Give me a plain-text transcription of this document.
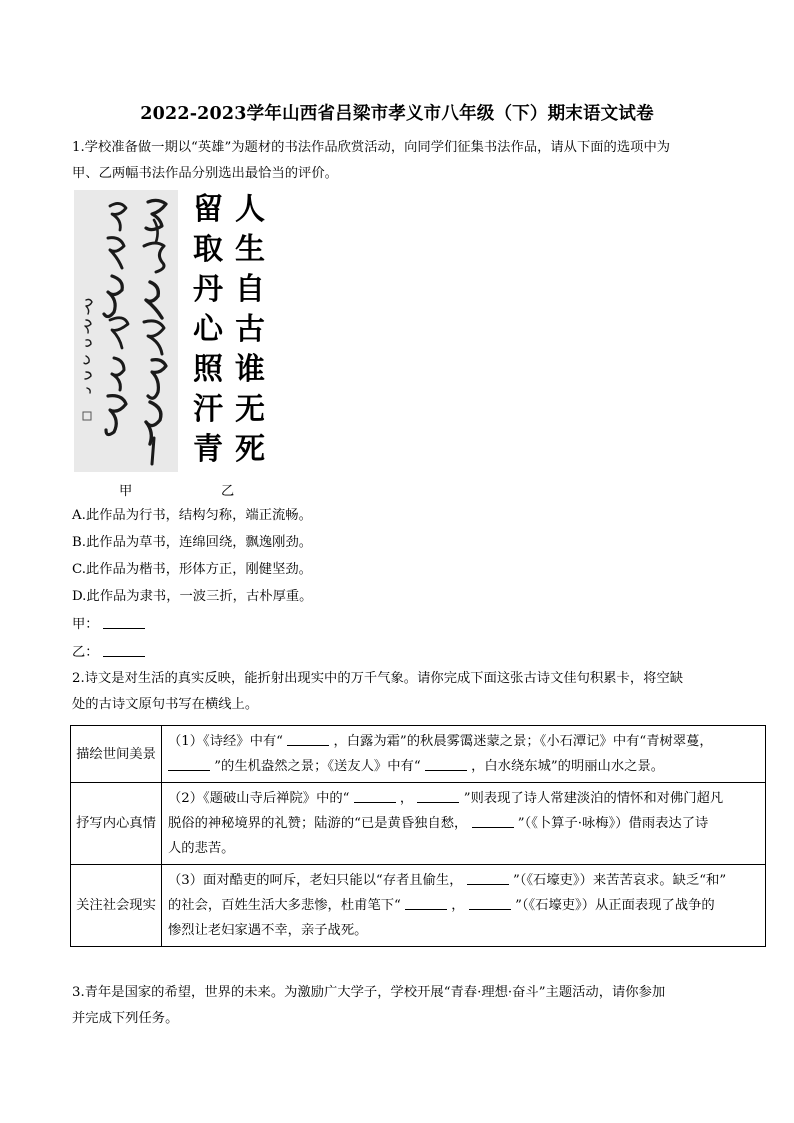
2022-2023学年山西省吕梁市孝义市八年级（下）期末语文试卷
1.学校准备做一期以“英雄”为题材的书法作品欣赏活动，向同学们征集书法作品，请从下面的选项中为
甲、乙两幅书法作品分别选出最恰当的评价。
人
生
自
古
谁
无
死
留
取
丹
心
照
汗
青
甲	乙
A.此作品为行书，结构匀称，端正流畅。
B.此作品为草书，连绵回绕，飘逸刚劲。
C.此作品为楷书，形体方正，刚健坚劲。
D.此作品为隶书，一波三折，古朴厚重。
甲：
乙：
2.诗文是对生活的真实反映，能折射出现实中的万千气象。请你完成下面这张古诗文佳句积累卡，将空缺
处的古诗文原句书写在横线上。
描绘世间美景	（1）《诗经》中有“ ，白露为霜”的秋晨雾霭迷蒙之景；《小石潭记》中有“青树翠蔓，
”的生机盎然之景；《送友人》中有“ ，白水绕东城”的明丽山水之景。

抒写内心真情	（2）《题破山寺后禅院》中的“ ， ”则表现了诗人常建淡泊的情怀和对佛门超凡
脱俗的神秘境界的礼赞；陆游的“已是黄昏独自愁， ”（《卜算子·咏梅》）借雨表达了诗
人的悲苦。

关注社会现实	（3）面对酷吏的呵斥，老妇只能以“存者且偷生， ”（《石壕吏》）来苦苦哀求。缺乏“和”
的社会，百姓生活大多悲惨，杜甫笔下“ ， ”（《石壕吏》）从正面表现了战争的
惨烈让老妇家遇不幸，亲子战死。
3.青年是国家的希望，世界的未来。为激励广大学子，学校开展“青春·理想·奋斗”主题活动，请你参加
并完成下列任务。
